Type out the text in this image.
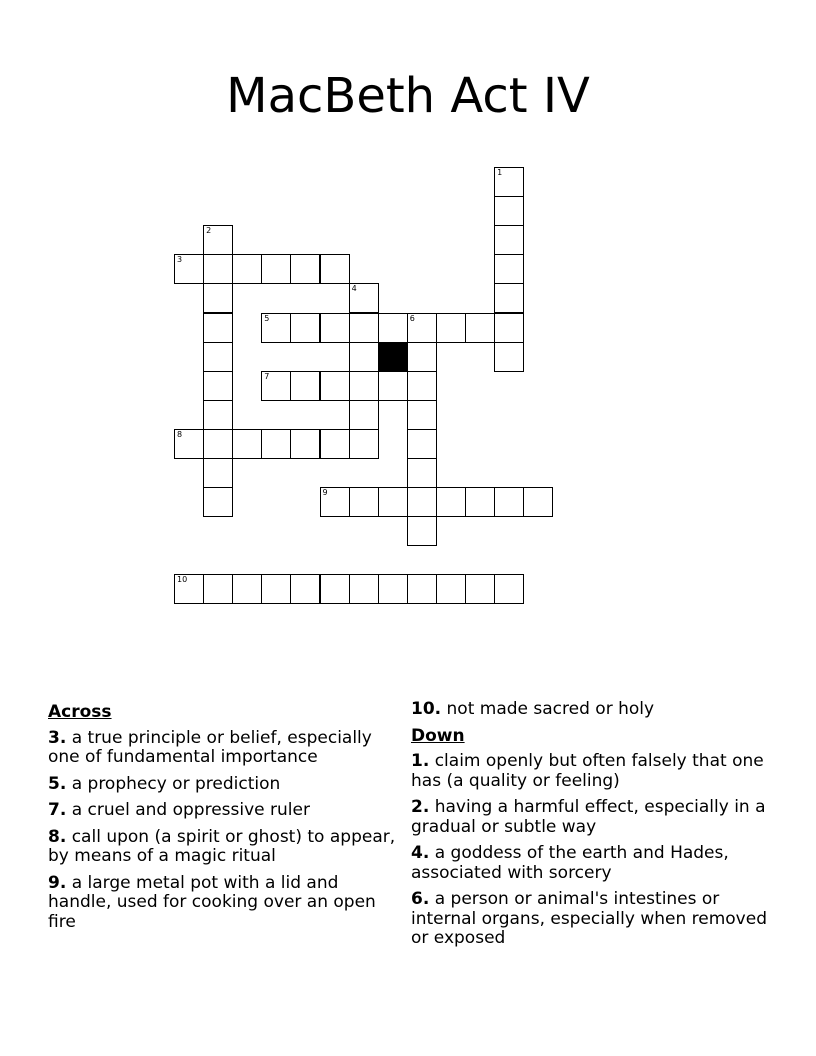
MacBeth Act IV
1
2
3
4
5	6
7
8
9
10
Across
3. a true principle or belief, especially one of fundamental importance
5. a prophecy or prediction
7. a cruel and oppressive ruler
8. call upon (a spirit or ghost) to appear, by means of a magic ritual
9. a large metal pot with a lid and handle, used for cooking over an open fire
10. not made sacred or holy
Down
1. claim openly but often falsely that one has (a quality or feeling)
2. having a harmful effect, especially in a gradual or subtle way
4. a goddess of the earth and Hades, associated with sorcery
6. a person or animal's intestines or internal organs, especially when removed or exposed
